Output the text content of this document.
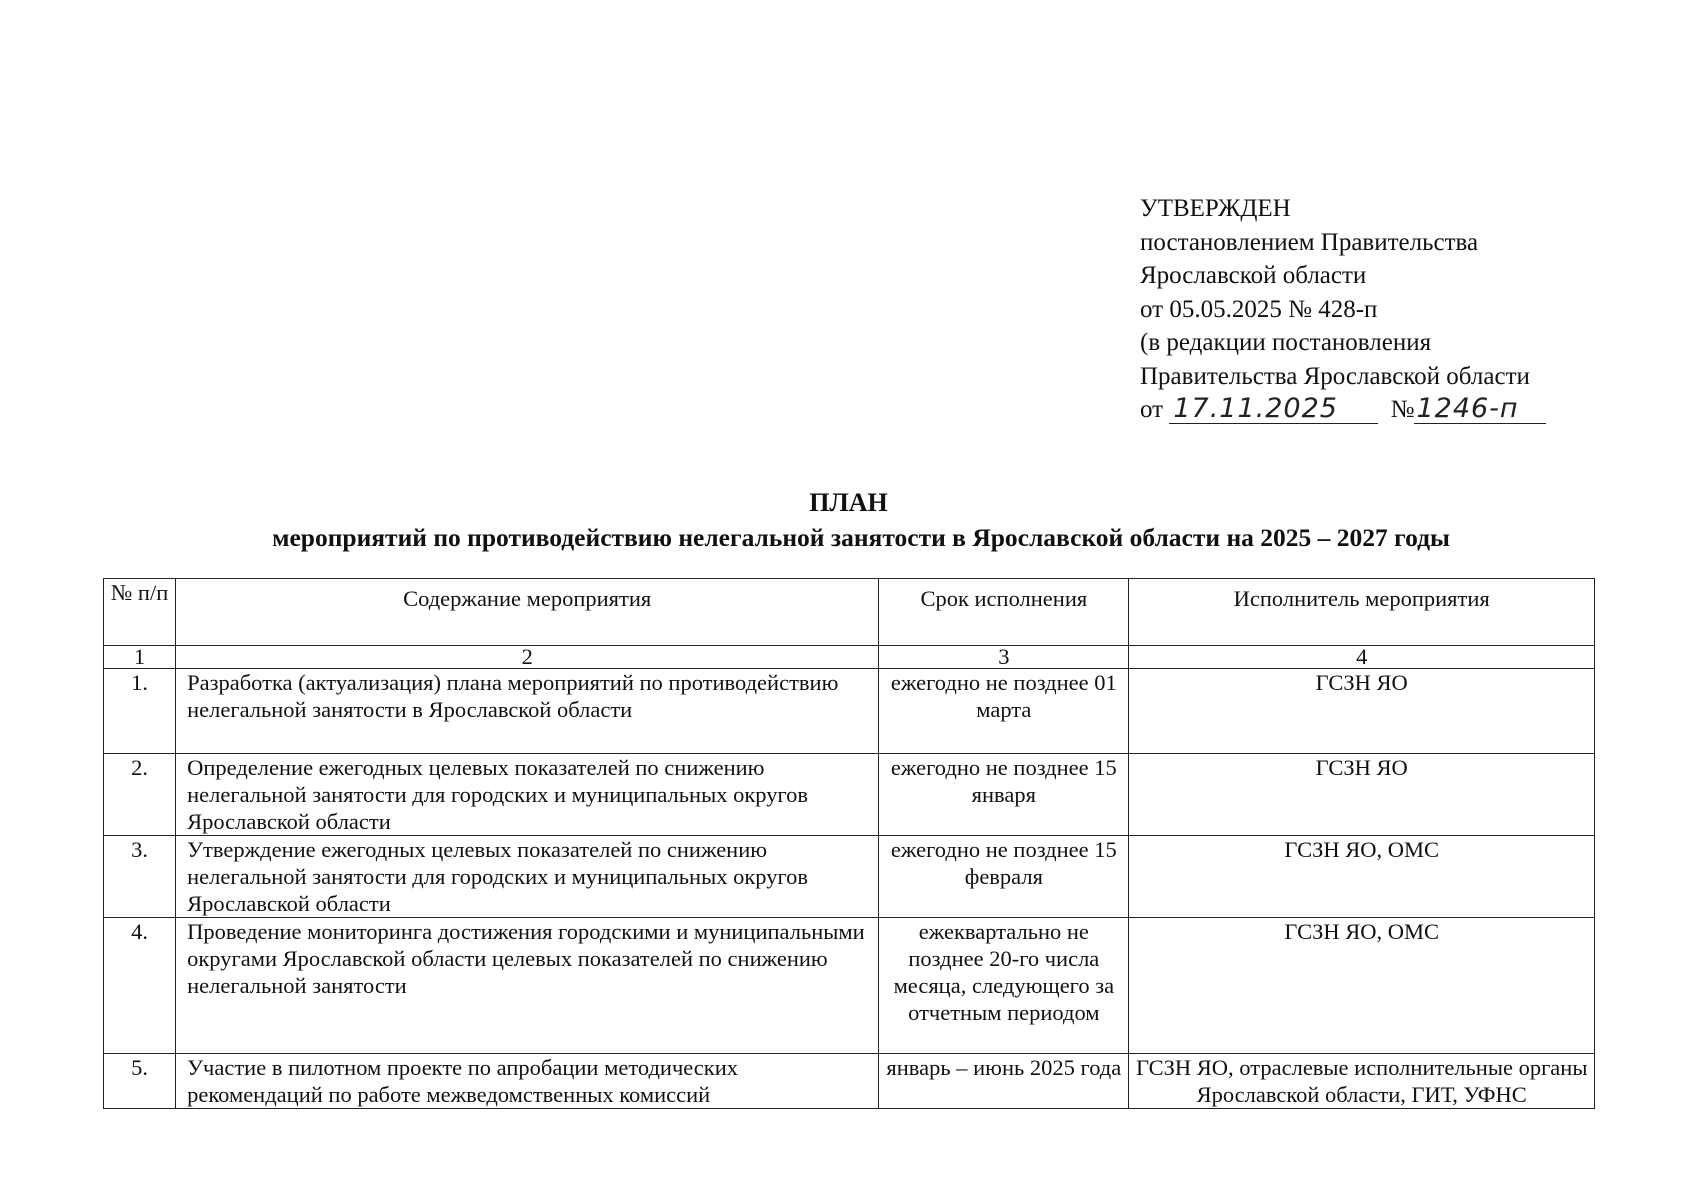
УТВЕРЖДЕН
постановлением Правительства
Ярославской области
от 05.05.2025 № 428-п
(в редакции постановления
Правительства Ярославской области
от 17.11.2025 №1246-п
ПЛАН
мероприятий по противодействию нелегальной занятости в Ярославской области на 2025 – 2027 годы
№ п/п	Содержание мероприятия	Срок исполнения	Исполнитель мероприятия
1	2	3	4
1.	Разработка (актуализация) плана мероприятий по противодействию нелегальной занятости в Ярославской области	ежегодно не позднее 01 марта	ГСЗН ЯО
2.	Определение ежегодных целевых показателей по снижению нелегальной занятости для городских и муниципальных округов Ярославской области	ежегодно не позднее 15 января	ГСЗН ЯО
3.	Утверждение ежегодных целевых показателей по снижению нелегальной занятости для городских и муниципальных округов Ярославской области	ежегодно не позднее 15 февраля	ГСЗН ЯО, ОМС
4.	Проведение мониторинга достижения городскими и муниципальными округами Ярославской области целевых показателей по снижению нелегальной занятости	ежеквартально не позднее 20-го числа месяца, следующего за отчетным периодом	ГСЗН ЯО, ОМС
5.	Участие в пилотном проекте по апробации методических рекомендаций по работе межведомственных комиссий	январь – июнь 2025 года	ГСЗН ЯО, отраслевые исполнительные органы Ярославской области, ГИТ, УФНС
